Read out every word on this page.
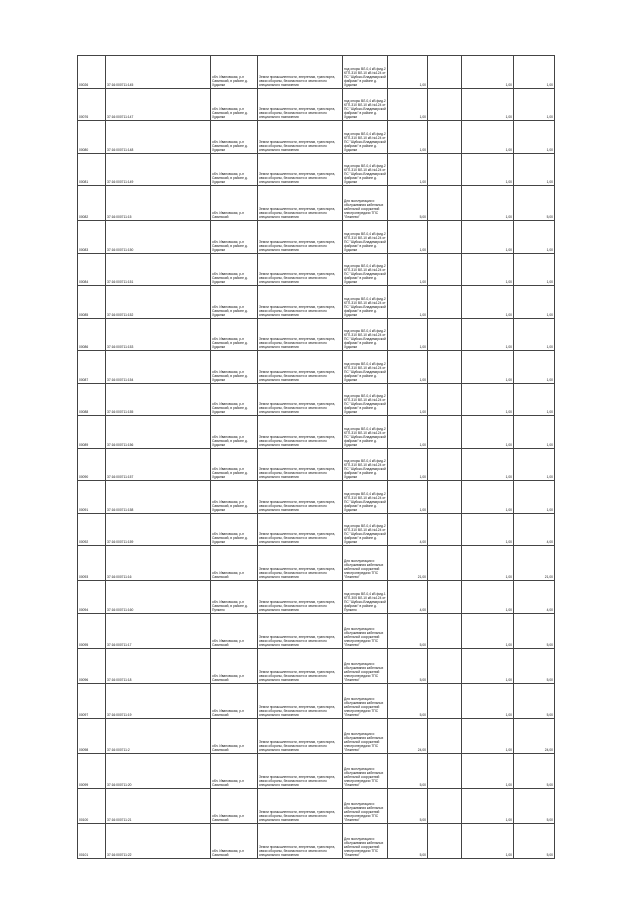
00026	37:16:000711:145	обл. Ивановская, р-н Савинский, в районе д. Худынки	Земли промышленности, энергетики, транспорта, связи обороны, безопасности и земли иного специального назначения	под опоры ВЛ-0,4 кВ фид.2 КТП-310 ВЛ-10 кВ №124 от ПС "Шуйско-Владимирской фабрики" в районе д. Худынки	1,00		1,00	1,00
00076	37:16:000711:147	обл. Ивановская, р-н Савинский, в районе д. Худынки	Земли промышленности, энергетики, транспорта, связи обороны, безопасности и земли иного специального назначения	под опоры ВЛ-0,4 кВ фид.2 КТП-310 ВЛ-10 кВ №124 от ПС "Шуйско-Владимирской фабрики" в районе д. Худынки	1,00		1,00	1,00
00080	37:16:000711:148	обл. Ивановская, р-н Савинский, в районе д. Худынки	Земли промышленности, энергетики, транспорта, связи обороны, безопасности и земли иного специального назначения	под опоры ВЛ-0,4 кВ фид.2 КТП-310 ВЛ-10 кВ №124 от ПС "Шуйско-Владимирской фабрики" в районе д. Худынки	1,00		1,00	1,00
00081	37:16:000711:149	обл. Ивановская, р-н Савинский, в районе д. Худынки	Земли промышленности, энергетики, транспорта, связи обороны, безопасности и земли иного специального назначения	под опоры ВЛ-0,4 кВ фид.2 КТП-310 ВЛ-10 кВ №124 от ПС "Шуйско-Владимирской фабрики" в районе д. Худынки	1,00		1,00	1,00
00082	37:16:000711:15	обл. Ивановская, р-н Савинский	Земли промышленности, энергетики, транспорта, связи обороны, безопасности и земли иного специального назначения	Для эксплуатации и обслуживания кабельных кабельной сооружений электропередачи ТПС "Лежнево"	5,00		1,00	5,00
00083	37:16:000711:150	обл. Ивановская, р-н Савинский, в районе д. Худынки	Земли промышленности, энергетики, транспорта, связи обороны, безопасности и земли иного специального назначения	под опоры ВЛ-0,4 кВ фид.2 КТП-310 ВЛ-10 кВ №124 от ПС "Шуйско-Владимирской фабрики" в районе д. Худынки	1,00		1,00	1,00
00084	37:16:000711:151	обл. Ивановская, р-н Савинский, в районе д. Худынки	Земли промышленности, энергетики, транспорта, связи обороны, безопасности и земли иного специального назначения	под опоры ВЛ-0,4 кВ фид.2 КТП-310 ВЛ-10 кВ №124 от ПС "Шуйско-Владимирской фабрики" в районе д. Худынки	1,00		1,00	1,00
00085	37:16:000711:152	обл. Ивановская, р-н Савинский, в районе д. Худынки	Земли промышленности, энергетики, транспорта, связи обороны, безопасности и земли иного специального назначения	под опоры ВЛ-0,4 кВ фид.2 КТП-310 ВЛ-10 кВ №124 от ПС "Шуйско-Владимирской фабрики" в районе д. Худынки	1,00		1,00	1,00
00086	37:16:000711:153	обл. Ивановская, р-н Савинский, в районе д. Худынки	Земли промышленности, энергетики, транспорта, связи обороны, безопасности и земли иного специального назначения	под опоры ВЛ-0,4 кВ фид.2 КТП-310 ВЛ-10 кВ №124 от ПС "Шуйско-Владимирской фабрики" в районе д. Худынки	1,00		1,00	1,00
00087	37:16:000711:154	обл. Ивановская, р-н Савинский, в районе д. Худынки	Земли промышленности, энергетики, транспорта, связи обороны, безопасности и земли иного специального назначения	под опоры ВЛ-0,4 кВ фид.2 КТП-310 ВЛ-10 кВ №124 от ПС "Шуйско-Владимирской фабрики" в районе д. Худынки	1,00		1,00	1,00
00088	37:16:000711:155	обл. Ивановская, р-н Савинский, в районе д. Худынки	Земли промышленности, энергетики, транспорта, связи обороны, безопасности и земли иного специального назначения	под опоры ВЛ-0,4 кВ фид.2 КТП-310 ВЛ-10 кВ №124 от ПС "Шуйско-Владимирской фабрики" в районе д. Худынки	1,00		1,00	1,00
00089	37:16:000711:156	обл. Ивановская, р-н Савинский, в районе д. Худынки	Земли промышленности, энергетики, транспорта, связи обороны, безопасности и земли иного специального назначения	под опоры ВЛ-0,4 кВ фид.2 КТП-310 ВЛ-10 кВ №124 от ПС "Шуйско-Владимирской фабрики" в районе д. Худынки	1,00		1,00	1,00
00090	37:16:000711:157	обл. Ивановская, р-н Савинский, в районе д. Худынки	Земли промышленности, энергетики, транспорта, связи обороны, безопасности и земли иного специального назначения	под опоры ВЛ-0,4 кВ фид.2 КТП-310 ВЛ-10 кВ №124 от ПС "Шуйско-Владимирской фабрики" в районе д. Худынки	1,00		1,00	1,00
00091	37:16:000711:158	обл. Ивановская, р-н Савинский, в районе д. Худынки	Земли промышленности, энергетики, транспорта, связи обороны, безопасности и земли иного специального назначения	под опоры ВЛ-0,4 кВ фид.2 КТП-310 ВЛ-10 кВ №124 от ПС "Шуйско-Владимирской фабрики" в районе д. Худынки	1,00		1,00	1,00
00092	37:16:000711:159	обл. Ивановская, р-н Савинский, в районе д. Худынки	Земли промышленности, энергетики, транспорта, связи обороны, безопасности и земли иного специального назначения	под опоры ВЛ-0,4 кВ фид.2 КТП-310 ВЛ-10 кВ №124 от ПС "Шуйско-Владимирской фабрики" в районе д. Худынки	4,00		1,00	4,00
00093	37:16:000711:16	обл. Ивановская, р-н Савинский	Земли промышленности, энергетики, транспорта, связи обороны, безопасности и земли иного специального назначения	Для эксплуатации и обслуживания кабельных кабельной сооружений электропередачи ТПС "Лежнево"	21,00		1,00	21,00
00094	37:16:000711:160	обл. Ивановская, р-н Савинский, в районе д. Пупкино	Земли промышленности, энергетики, транспорта, связи обороны, безопасности и земли иного специального назначения	под опоры ВЛ-0,4 кВ фид.1 КТП-305 ВЛ-10 кВ №124 от ПС "Шуйско-Владимирской фабрики" в районе д. Пупкино	4,00		1,00	4,00
00095	37:16:000711:17	обл. Ивановская, р-н Савинский	Земли промышленности, энергетики, транспорта, связи обороны, безопасности и земли иного специального назначения	Для эксплуатации и обслуживания кабельных кабельной сооружений электропередачи ТПС "Лежнево"	5,00		1,00	5,00
00096	37:16:000711:18	обл. Ивановская, р-н Савинский	Земли промышленности, энергетики, транспорта, связи обороны, безопасности и земли иного специального назначения	Для эксплуатации и обслуживания кабельных кабельной сооружений электропередачи ТПС "Лежнево"	5,00		1,00	5,00
00097	37:16:000711:19	обл. Ивановская, р-н Савинский	Земли промышленности, энергетики, транспорта, связи обороны, безопасности и земли иного специального назначения	Для эксплуатации и обслуживания кабельных кабельной сооружений электропередачи ТПС "Лежнево"	5,00		1,00	5,00
00098	37:16:000711:2	обл. Ивановская, р-н Савинский	Земли промышленности, энергетики, транспорта, связи обороны, безопасности и земли иного специального назначения	Для эксплуатации и обслуживания кабельных кабельной сооружений электропередачи ТПС "Лежнево"	24,00		1,00	24,00
00099	37:16:000711:20	обл. Ивановская, р-н Савинский	Земли промышленности, энергетики, транспорта, связи обороны, безопасности и земли иного специального назначения	Для эксплуатации и обслуживания кабельных кабельной сооружений электропередачи ТПС "Лежнево"	5,00		1,00	5,00
00100	37:16:000711:21	обл. Ивановская, р-н Савинский	Земли промышленности, энергетики, транспорта, связи обороны, безопасности и земли иного специального назначения	Для эксплуатации и обслуживания кабельных кабельной сооружений электропередачи ТПС "Лежнево"	5,00		1,00	5,00
00101	37:16:000711:22	обл. Ивановская, р-н Савинский	Земли промышленности, энергетики, транспорта, связи обороны, безопасности и земли иного специального назначения	Для эксплуатации и обслуживания кабельных кабельной сооружений электропередачи ТПС "Лежнево"	5,00		1,00	5,00
